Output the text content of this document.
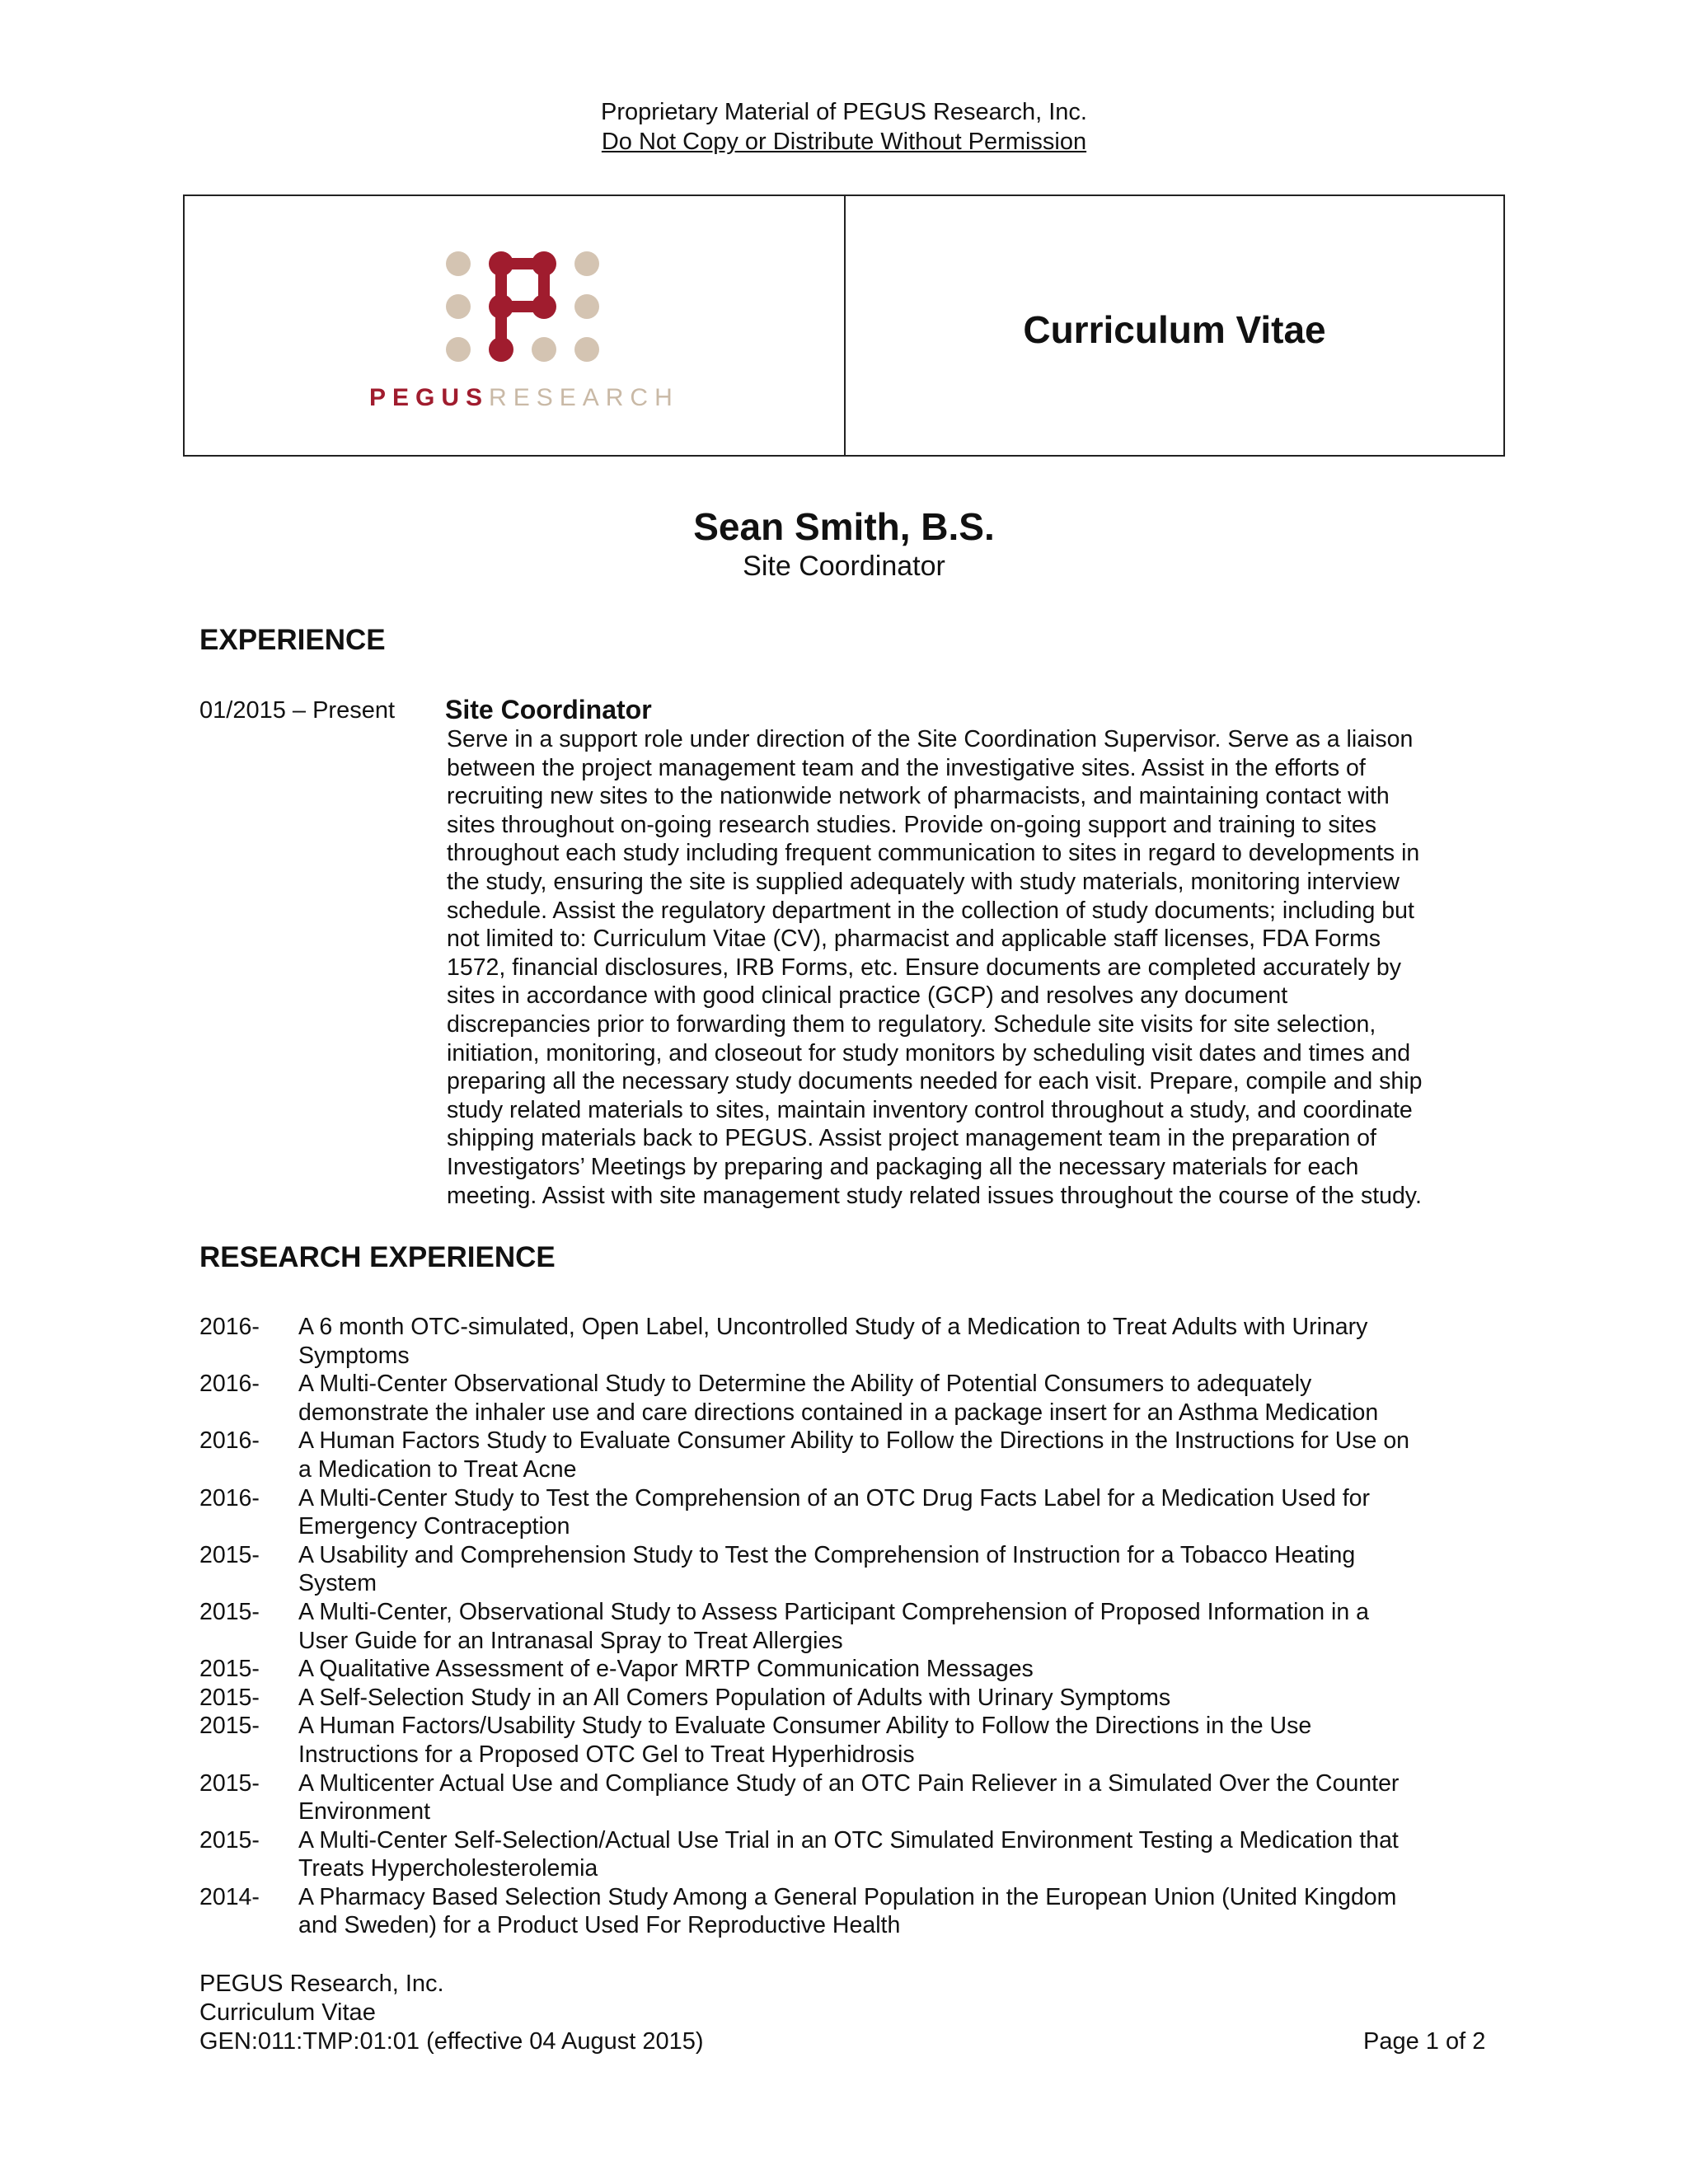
Proprietary Material of PEGUS Research, Inc.
Do Not Copy or Distribute Without Permission
PEGUSRESEARCH
Curriculum Vitae
Sean Smith, B.S.
Site Coordinator
EXPERIENCE
01/2015 – Present Site Coordinator
Serve in a support role under direction of the Site Coordination Supervisor. Serve as a liaison
between the project management team and the investigative sites. Assist in the efforts of
recruiting new sites to the nationwide network of pharmacists, and maintaining contact with
sites throughout on-going research studies. Provide on-going support and training to sites
throughout each study including frequent communication to sites in regard to developments in
the study, ensuring the site is supplied adequately with study materials, monitoring interview
schedule. Assist the regulatory department in the collection of study documents; including but
not limited to: Curriculum Vitae (CV), pharmacist and applicable staff licenses, FDA Forms
1572, financial disclosures, IRB Forms, etc. Ensure documents are completed accurately by
sites in accordance with good clinical practice (GCP) and resolves any document
discrepancies prior to forwarding them to regulatory. Schedule site visits for site selection,
initiation, monitoring, and closeout for study monitors by scheduling visit dates and times and
preparing all the necessary study documents needed for each visit. Prepare, compile and ship
study related materials to sites, maintain inventory control throughout a study, and coordinate
shipping materials back to PEGUS. Assist project management team in the preparation of
Investigators’ Meetings by preparing and packaging all the necessary materials for each
meeting. Assist with site management study related issues throughout the course of the study.
RESEARCH EXPERIENCE
2016-	A 6 month OTC-simulated, Open Label, Uncontrolled Study of a Medication to Treat Adults with Urinary
Symptoms
2016-	A Multi-Center Observational Study to Determine the Ability of Potential Consumers to adequately
demonstrate the inhaler use and care directions contained in a package insert for an Asthma Medication
2016-	A Human Factors Study to Evaluate Consumer Ability to Follow the Directions in the Instructions for Use on
a Medication to Treat Acne
2016-	A Multi-Center Study to Test the Comprehension of an OTC Drug Facts Label for a Medication Used for
Emergency Contraception
2015-	A Usability and Comprehension Study to Test the Comprehension of Instruction for a Tobacco Heating
System
2015-	A Multi-Center, Observational Study to Assess Participant Comprehension of Proposed Information in a
User Guide for an Intranasal Spray to Treat Allergies
2015-	A Qualitative Assessment of e-Vapor MRTP Communication Messages
2015-	A Self-Selection Study in an All Comers Population of Adults with Urinary Symptoms
2015-	A Human Factors/Usability Study to Evaluate Consumer Ability to Follow the Directions in the Use
Instructions for a Proposed OTC Gel to Treat Hyperhidrosis
2015-	A Multicenter Actual Use and Compliance Study of an OTC Pain Reliever in a Simulated Over the Counter
Environment
2015-	A Multi-Center Self-Selection/Actual Use Trial in an OTC Simulated Environment Testing a Medication that
Treats Hypercholesterolemia
2014-	A Pharmacy Based Selection Study Among a General Population in the European Union (United Kingdom
and Sweden) for a Product Used For Reproductive Health
PEGUS Research, Inc.
Curriculum Vitae
GEN:011:TMP:01:01 (effective 04 August 2015)	Page 1 of 2
